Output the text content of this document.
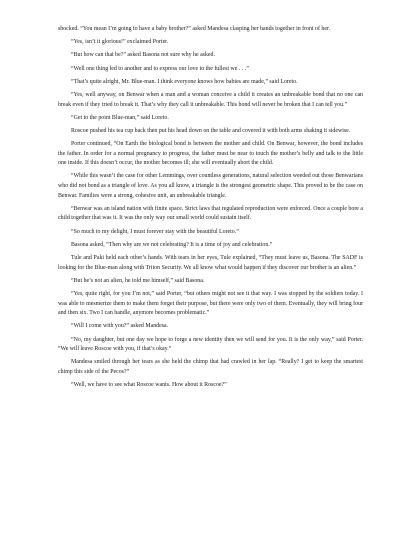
shocked. “You mean I’m going to have a baby brother?” asked Mandesa clasping her hands together in front of her.

“Yes, isn’t it glorious!” exclaimed Porter.

“But how can that be?” asked Basona not sure why he asked.

“Well one thing led to another and to express our love to the fullest we . . .”

“That’s quite alright, Mr. Blue-man. I think everyone knows how babies are made,” said Loreto.

“Yes, well anyway, on Benwar when a man and a woman conceive a child it creates an unbreakable bond that no one can break even if they tried to break it. That’s why they call it unbreakable. This bond will never be broken that I can tell you.”

“Get to the point Blue-man,” said Loreto.

Roscoe pushed his tea cup back then put his head down on the table and covered it with both arms shaking it sidewise.

Porter continued, “On Earth the biological bond is between the mother and child. On Benwar, however, the bond includes the father. In order for a normal pregnancy to progress, the father must be near to touch the mother’s belly and talk to the little one inside. If this doesn’t occur, the mother becomes ill; she will eventually abort the child.

“While this wasn’t the case for other Lemmings, over countless generations, natural selection weeded out those Benwarians who did not bond as a triangle of love. As you all know, a triangle is the strongest geometric shape. This proved to be the case on Benwar. Families were a strong, cohesive unit, an unbreakable triangle.

“Benwar was an island nation with finite space. Strict laws that regulated reproduction were enforced. Once a couple bore a child together that was it. It was the only way our small world could sustain itself.

“So much to my delight, I must forever stay with the beautiful Loreto.”

Basona asked, “Then why are we not celebrating? It is a time of joy and celebration.”

Tule and Paki held each other’s hands. With tears in her eyes, Tule explained, “They must leave us, Basona. The SADF is looking for the Blue-man along with Triton Security. We all know what would happen if they discover our brother is an alien.”

“But he’s not an alien, he told me himself,” said Basona.

“Yes, quite right, for you I’m not,” said Porter, “but others might not see it that way. I was stopped by the soldiers today. I was able to mesmerize them to make them forget their purpose, but there were only two of them. Eventually, they will bring four and then six. Two I can handle, anymore becomes problematic.”

“Will I come with you?” asked Mandesa.

“No, my daughter, but one day we hope to forge a new identity then we will send for you. It is the only way,” said Porter. “We will leave Roscoe with you, if that’s okay.”

Mandesa smiled through her tears as she held the chimp that had crawled in her lap. “Really? I get to keep the smartest chimp this side of the Pecos?”

“Well, we have to see what Roscoe wants. How about it Roscoe?”
